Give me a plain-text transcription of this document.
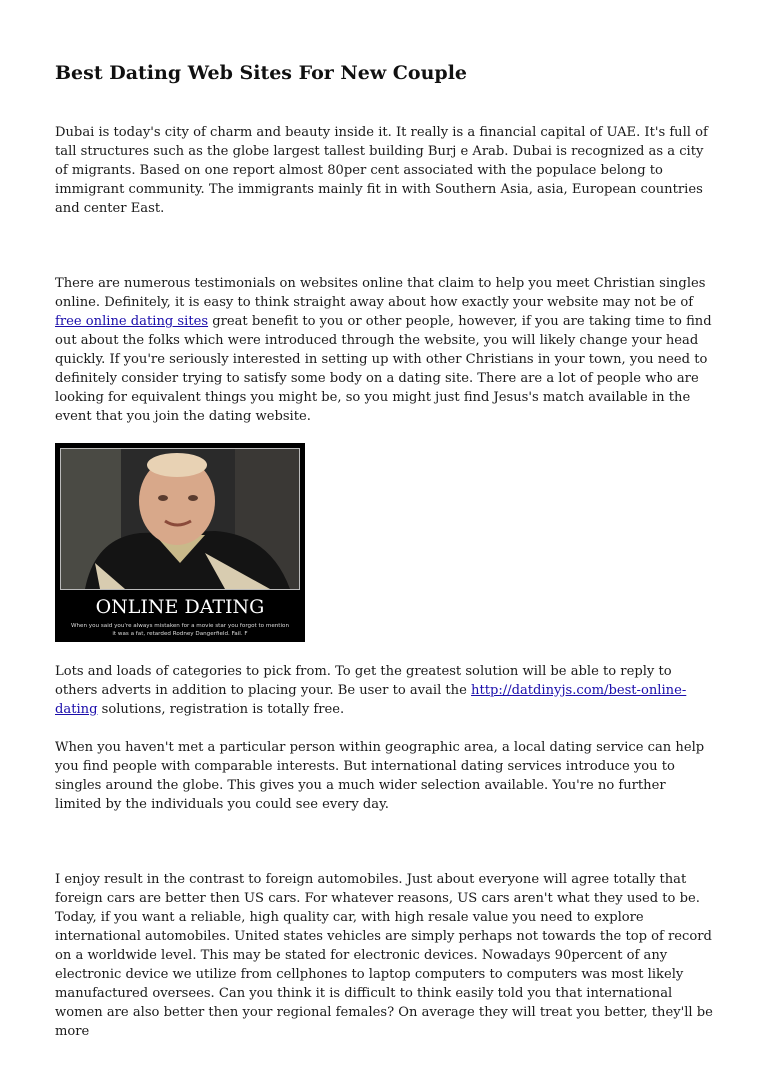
Best Dating Web Sites For New Couple

Dubai is today's city of charm and beauty inside it. It really is a financial capital of UAE. It's full of tall structures such as the globe largest tallest building Burj e Arab. Dubai is recognized as a city of migrants. Based on one report almost 80per cent associated with the populace belong to immigrant community. The immigrants mainly fit in with Southern Asia, asia, European countries and center East.

There are numerous testimonials on websites online that claim to help you meet Christian singles online. Definitely, it is easy to think straight away about how exactly your website may not be of free online dating sites great benefit to you or other people, however, if you are taking time to find out about the folks which were introduced through the website, you will likely change your head quickly. If you're seriously interested in setting up with other Christians in your town, you need to definitely consider trying to satisfy some body on a dating site. There are a lot of people who are looking for equivalent things you might be, so you might just find Jesus's match available in the event that you join the dating website.

ONLINE DATING
When you said you're always mistaken for a movie star you forgot to mention
it was a fat, retarded Rodney Dangerfield. Fail. F

Lots and loads of categories to pick from. To get the greatest solution will be able to reply to others adverts in addition to placing your. Be user to avail the http://datdinyjs.com/best-online-dating solutions, registration is totally free.

When you haven't met a particular person within geographic area, a local dating service can help you find people with comparable interests. But international dating services introduce you to singles around the globe. This gives you a much wider selection available. You're no further limited by the individuals you could see every day.

I enjoy result in the contrast to foreign automobiles. Just about everyone will agree totally that foreign cars are better then US cars. For whatever reasons, US cars aren't what they used to be. Today, if you want a reliable, high quality car, with high resale value you need to explore international automobiles. United states vehicles are simply perhaps not towards the top of record on a worldwide level. This may be stated for electronic devices. Nowadays 90percent of any electronic device we utilize from cellphones to laptop computers to computers was most likely manufactured oversees. Can you think it is difficult to think easily told you that international women are also better then your regional females? On average they will treat you better, they'll be more
